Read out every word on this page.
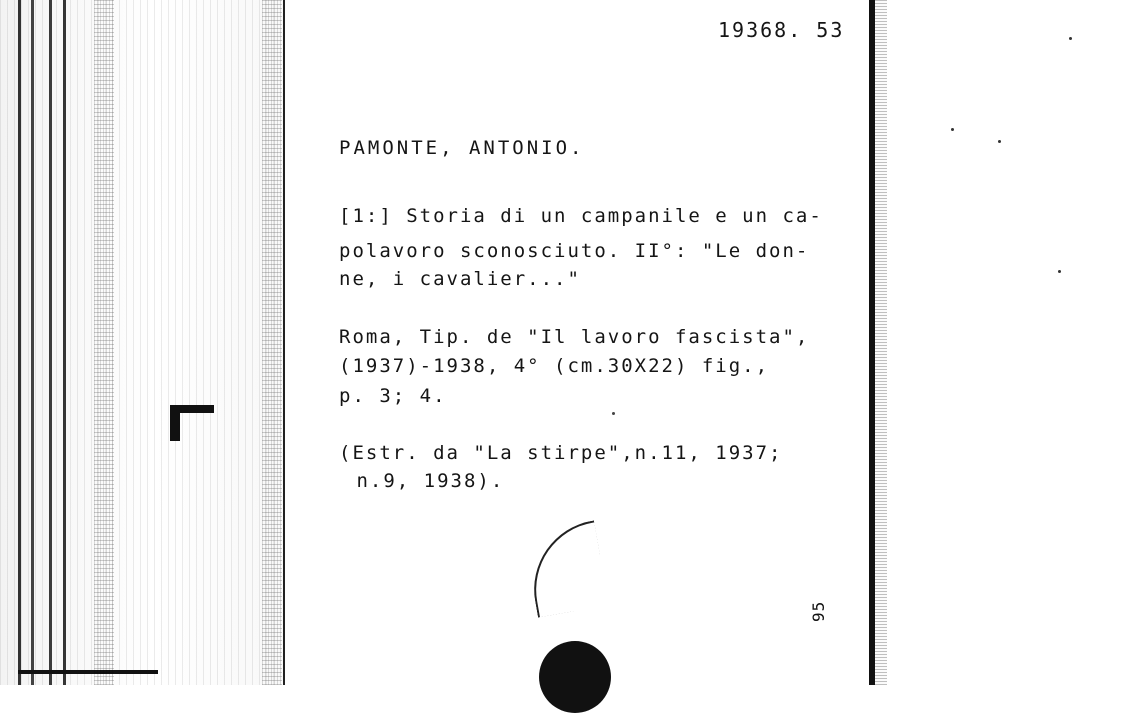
19368. 53
PAMONTE, ANTONIO.
[1:] Storia di un campanile e un ca-
polavoro sconosciuto. II°: "Le don-
ne, i cavalier..."
Roma, Tip. de "Il lavoro fascista",
(1937)-1938, 4° (cm.30X22) fig.,
p. 3; 4.
(Estr. da "La stirpe",n.11, 1937;
n.9, 1938).
95
